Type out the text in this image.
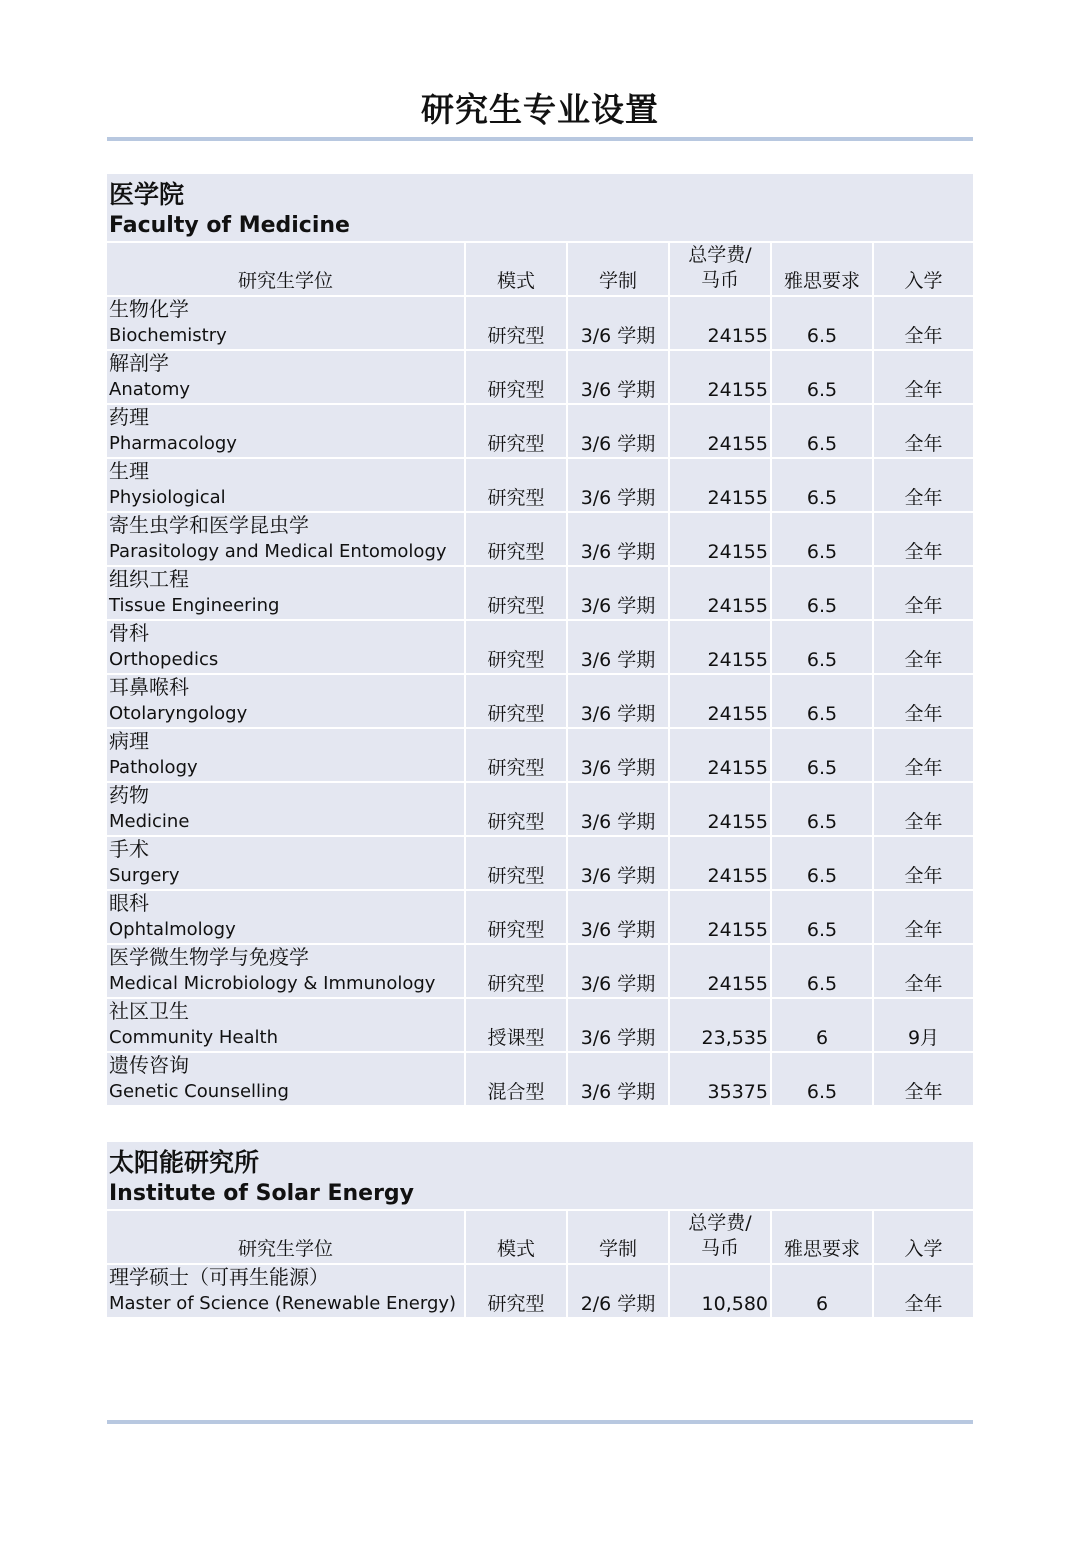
研究生专业设置
医学院
Faculty of Medicine
研究生学位	模式	学制
总学费/
马币	雅思要求	入学
生物化学
Biochemistry	研究型	3/6 学期	24155	6.5	全年
解剖学
Anatomy	研究型	3/6 学期	24155	6.5	全年
药理
Pharmacology	研究型	3/6 学期	24155	6.5	全年
生理
Physiological	研究型	3/6 学期	24155	6.5	全年
寄生虫学和医学昆虫学
Parasitology and Medical Entomology	研究型	3/6 学期	24155	6.5	全年
组织工程
Tissue Engineering	研究型	3/6 学期	24155	6.5	全年
骨科
Orthopedics	研究型	3/6 学期	24155	6.5	全年
耳鼻喉科
Otolaryngology	研究型	3/6 学期	24155	6.5	全年
病理
Pathology	研究型	3/6 学期	24155	6.5	全年
药物
Medicine	研究型	3/6 学期	24155	6.5	全年
手术
Surgery	研究型	3/6 学期	24155	6.5	全年
眼科
Ophtalmology	研究型	3/6 学期	24155	6.5	全年
医学微生物学与免疫学
Medical Microbiology & Immunology	研究型	3/6 学期	24155	6.5	全年
社区卫生
Community Health	授课型	3/6 学期	23,535	6	9月
遗传咨询
Genetic Counselling	混合型	3/6 学期	35375	6.5	全年
太阳能研究所
Institute of Solar Energy
研究生学位	模式	学制
总学费/
马币	雅思要求	入学
理学硕士（可再生能源）
Master of Science (Renewable Energy)	研究型	2/6 学期	10,580	6	全年
